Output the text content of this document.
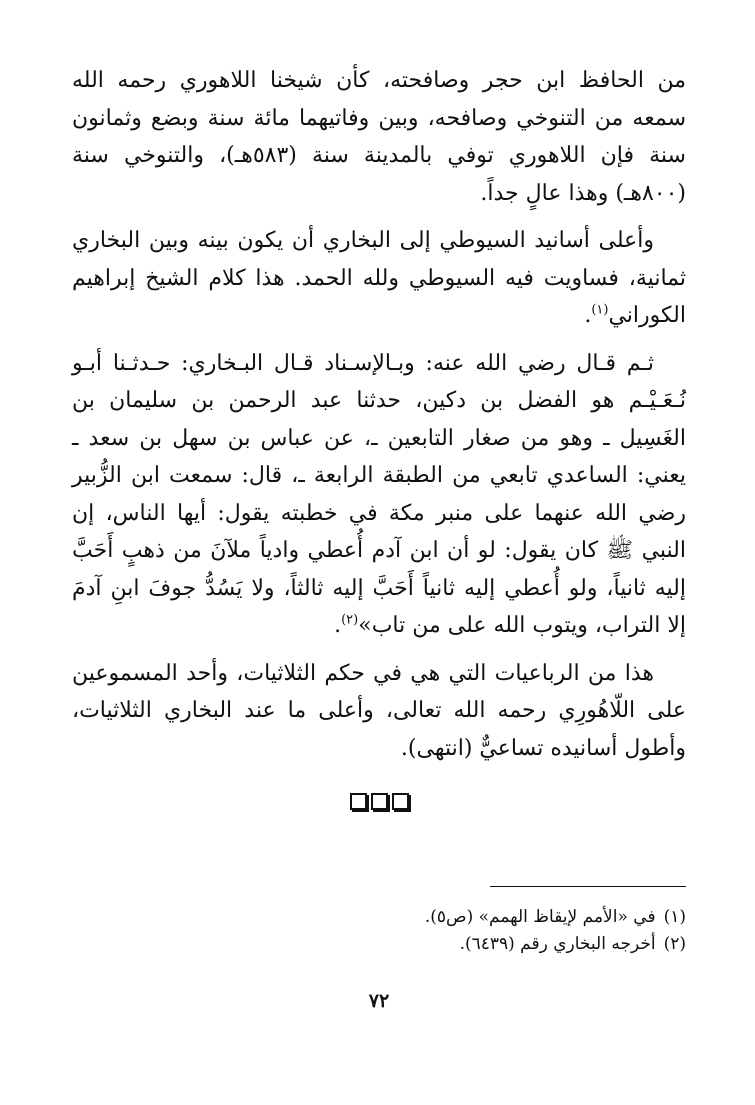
من الحافظ ابن حجر وصافحته، كأن شيخنا اللاهوري رحمه الله سمعه من التنوخي وصافحه، وبين وفاتيهما مائة سنة وبضع وثمانون سنة فإن اللاهوري توفي بالمدينة سنة (٥٨٣هـ)، والتنوخي سنة (٨٠٠هـ) وهذا عالٍ جداً.

وأعلى أسانيد السيوطي إلى البخاري أن يكون بينه وبين البخاري ثمانية، فساويت فيه السيوطي ولله الحمد. هذا كلام الشيخ إبراهيم الكوراني$^{(١)}$.

ثـم قـال رضي الله عنه: وبـالإسـناد قـال البـخاري: حـدثـنا أبـو نُـعَـيْـم هو الفضل بن دكين، حدثنا عبد الرحمن بن سليمان بن الغَسِيل ـ وهو من صغار التابعين ـ، عن عباس بن سهل بن سعد ـ يعني: الساعدي تابعي من الطبقة الرابعة ـ، قال: سمعت ابن الزُّبير رضي الله عنهما على منبر مكة في خطبته يقول: أيها الناس، إن النبي ﷺ كان يقول: لو أن ابن آدم أُعطي وادياً ملآنَ من ذهبٍ أَحَبَّ إليه ثانياً، ولو أُعطي إليه ثانياً أَحَبَّ إليه ثالثاً، ولا يَسُدُّ جوفَ ابنِ آدمَ إلا التراب، ويتوب الله على من تاب»$^{(٢)}$.

هذا من الرباعيات التي هي في حكم الثلاثيات، وأحد المسموعين على اللّاهُورِي رحمه الله تعالى، وأعلى ما عند البخاري الثلاثيات، وأطول أسانيده تساعيٌّ (انتهى).

(١)في «الأمم لإيقاظ الهمم» (ص٥).

(٢)أخرجه البخاري رقم (٦٤٣٩).

٧٢
